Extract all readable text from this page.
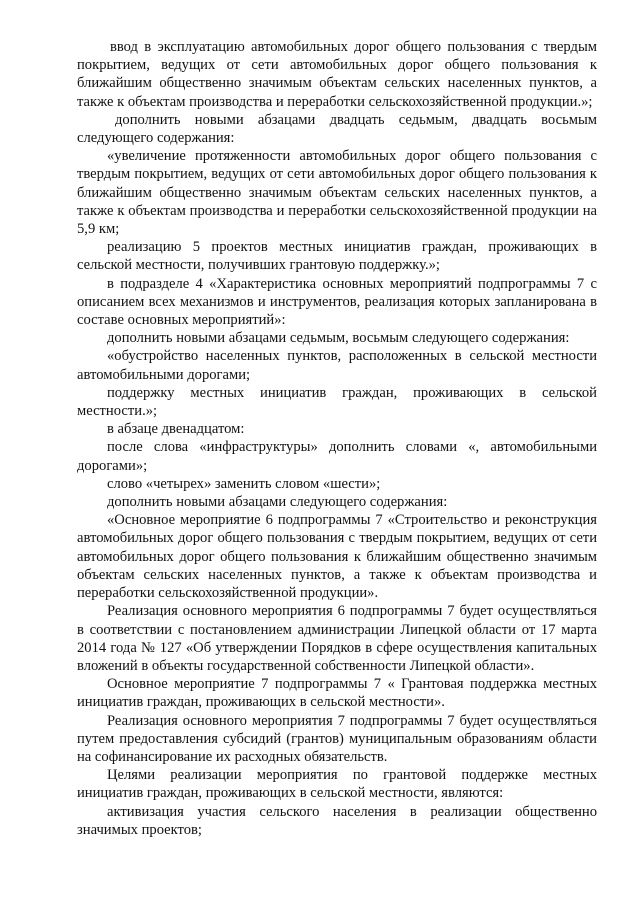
ввод в эксплуатацию автомобильных дорог общего пользования с твердым покрытием, ведущих от сети автомобильных дорог общего пользования к ближайшим общественно значимым объектам сельских населенных пунктов, а также к объектам производства и переработки сельскохозяйственной продукции.»;

дополнить новыми абзацами двадцать седьмым, двадцать восьмым следующего содержания:

«увеличение протяженности автомобильных дорог общего пользования с твердым покрытием, ведущих от сети автомобильных дорог общего пользования к ближайшим общественно значимым объектам сельских населенных пунктов, а также к объектам производства и переработки сельскохозяйственной продукции на 5,9 км;

реализацию 5 проектов местных инициатив граждан, проживающих в сельской местности, получивших грантовую поддержку.»;

в подразделе 4 «Характеристика основных мероприятий подпрограммы 7 с описанием всех механизмов и инструментов, реализация которых запланирована в составе основных мероприятий»:

дополнить новыми абзацами седьмым, восьмым следующего содержания:

«обустройство населенных пунктов, расположенных в сельской местности автомобильными дорогами;

поддержку местных инициатив граждан, проживающих в сельской местности.»;

в абзаце двенадцатом:

после слова «инфраструктуры» дополнить словами «, автомобильными дорогами»;

слово «четырех» заменить словом «шести»;

дополнить новыми абзацами следующего содержания:

«Основное мероприятие 6 подпрограммы 7 «Строительство и реконструкция автомобильных дорог общего пользования с твердым покрытием, ведущих от сети автомобильных дорог общего пользования к ближайшим общественно значимым объектам сельских населенных пунктов, а также к объектам производства и переработки сельскохозяйственной продукции».

Реализация основного мероприятия 6 подпрограммы 7 будет осуществляться в соответствии с постановлением администрации Липецкой области от 17 марта 2014 года № 127 «Об утверждении Порядков в сфере осуществления капитальных вложений в объекты государственной собственности Липецкой области».

Основное мероприятие 7 подпрограммы 7 « Грантовая поддержка местных инициатив граждан, проживающих в сельской местности».

Реализация основного мероприятия 7 подпрограммы 7 будет осуществляться путем предоставления субсидий (грантов) муниципальным образованиям области на софинансирование их расходных обязательств.

Целями реализации мероприятия по грантовой поддержке местных инициатив граждан, проживающих в сельской местности, являются:

активизация участия сельского населения в реализации общественно значимых проектов;
